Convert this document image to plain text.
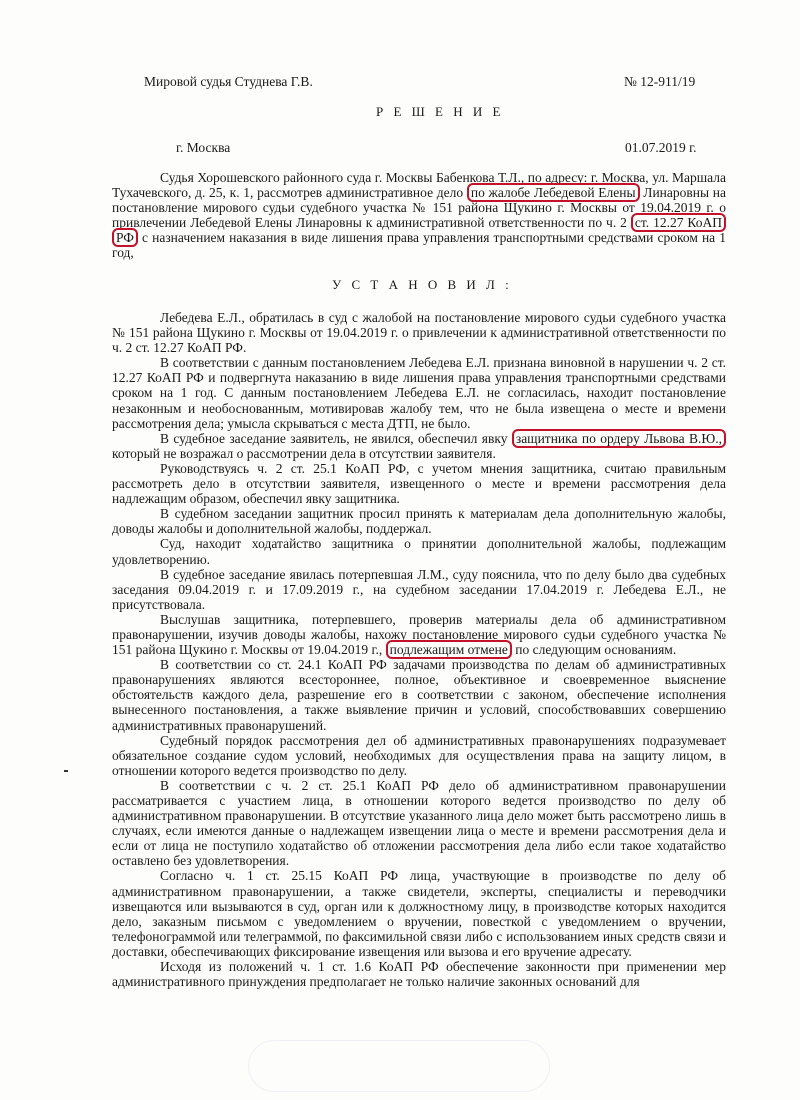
Мировой судья Студнева Г.В.	№ 12-911/19
Р Е Ш Е Н И Е
г. Москва	01.07.2019 г.

Судья Хорошевского районного суда г. Москвы Бабенкова Т.Л., по адресу: г. Москва, ул. Маршала Тухачевского, д. 25, к. 1, рассмотрев административное дело по жалобе Лебедевой Елены Линаровны на постановление мирового судьи судебного участка № 151 района Щукино г. Москвы от 19.04.2019 г. о привлечении Лебедевой Елены Линаровны к административной ответственности по ч. 2 ст. 12.27 КоАП РФ с назначением наказания в виде лишения права управления транспортными средствами сроком на 1 год,

У С Т А Н О В И Л :

Лебедева Е.Л., обратилась в суд с жалобой на постановление мирового судьи судебного участка № 151 района Щукино г. Москвы от 19.04.2019 г. о привлечении к административной ответственности по ч. 2 ст. 12.27 КоАП РФ.

В соответствии с данным постановлением Лебедева Е.Л. признана виновной в нарушении ч. 2 ст. 12.27 КоАП РФ и подвергнута наказанию в виде лишения права управления транспортными средствами сроком на 1 год. С данным постановлением Лебедева Е.Л. не согласилась, находит постановление незаконным и необоснованным, мотивировав жалобу тем, что не была извещена о месте и времени рассмотрения дела; умысла скрываться с места ДТП, не было.

В судебное заседание заявитель, не явился, обеспечил явку защитника по ордеру Львова В.Ю., который не возражал о рассмотрении дела в отсутствии заявителя.

Руководствуясь ч. 2 ст. 25.1 КоАП РФ, с учетом мнения защитника, считаю правильным рассмотреть дело в отсутствии заявителя, извещенного о месте и времени рассмотрения дела надлежащим образом, обеспечил явку защитника.

В судебном заседании защитник просил принять к материалам дела дополнительную жалобы, доводы жалобы и дополнительной жалобы, поддержал.

Суд, находит ходатайство защитника о принятии дополнительной жалобы, подлежащим удовлетворению.

В судебное заседание явилась потерпевшая Л.М., суду пояснила, что по делу было два судебных заседания 09.04.2019 г. и 17.09.2019 г., на судебном заседании 17.04.2019 г. Лебедева Е.Л., не присутствовала.

Выслушав защитника, потерпевшего, проверив материалы дела об административном правонарушении, изучив доводы жалобы, нахожу постановление мирового судьи судебного участка № 151 района Щукино г. Москвы от 19.04.2019 г., подлежащим отмене по следующим основаниям.

В соответствии со ст. 24.1 КоАП РФ задачами производства по делам об административных правонарушениях являются всестороннее, полное, объективное и своевременное выяснение обстоятельств каждого дела, разрешение его в соответствии с законом, обеспечение исполнения вынесенного постановления, а также выявление причин и условий, способствовавших совершению административных правонарушений.

Судебный порядок рассмотрения дел об административных правонарушениях подразумевает обязательное создание судом условий, необходимых для осуществления права на защиту лицом, в отношении которого ведется производство по делу.

В соответствии с ч. 2 ст. 25.1 КоАП РФ дело об административном правонарушении рассматривается с участием лица, в отношении которого ведется производство по делу об административном правонарушении. В отсутствие указанного лица дело может быть рассмотрено лишь в случаях, если имеются данные о надлежащем извещении лица о месте и времени рассмотрения дела и если от лица не поступило ходатайство об отложении рассмотрения дела либо если такое ходатайство оставлено без удовлетворения.

Согласно ч. 1 ст. 25.15 КоАП РФ лица, участвующие в производстве по делу об административном правонарушении, а также свидетели, эксперты, специалисты и переводчики извещаются или вызываются в суд, орган или к должностному лицу, в производстве которых находится дело, заказным письмом с уведомлением о вручении, повесткой с уведомлением о вручении, телефонограммой или телеграммой, по факсимильной связи либо с использованием иных средств связи и доставки, обеспечивающих фиксирование извещения или вызова и его вручение адресату.

Исходя из положений ч. 1 ст. 1.6 КоАП РФ обеспечение законности при применении мер административного принуждения предполагает не только наличие законных оснований для
